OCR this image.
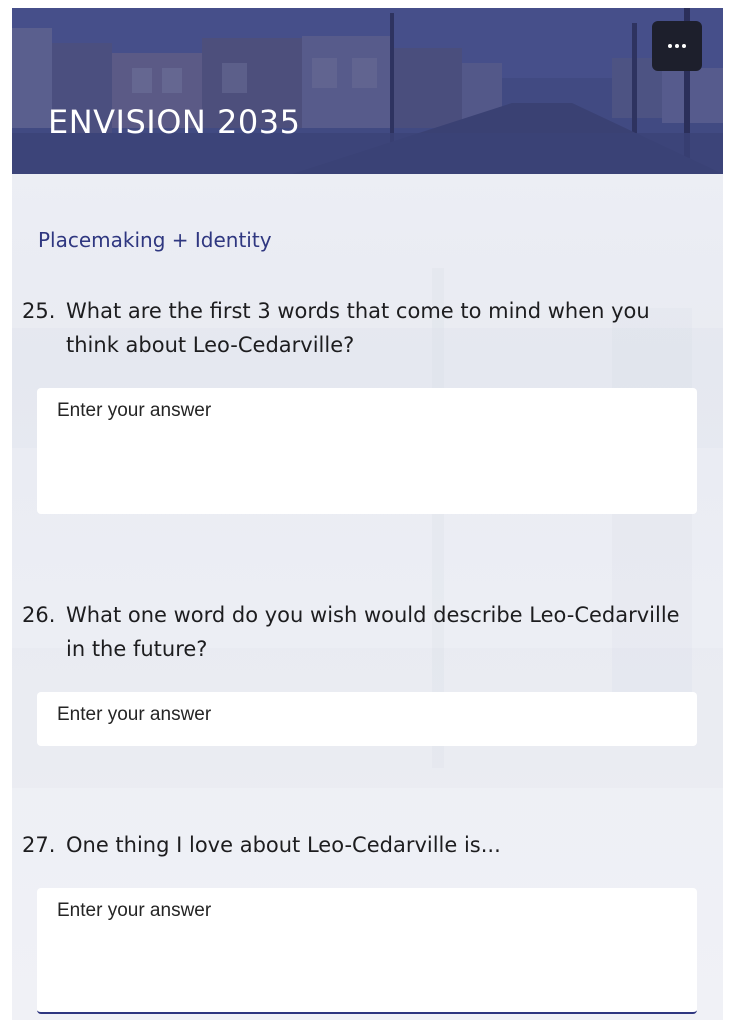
ENVISION 2035
Placemaking + Identity
25. What are the first 3 words that come to mind when you think about Leo-Cedarville?
Enter your answer
26. What one word do you wish would describe Leo-Cedarville in the future?
Enter your answer
27. One thing I love about Leo-Cedarville is...
Enter your answer
